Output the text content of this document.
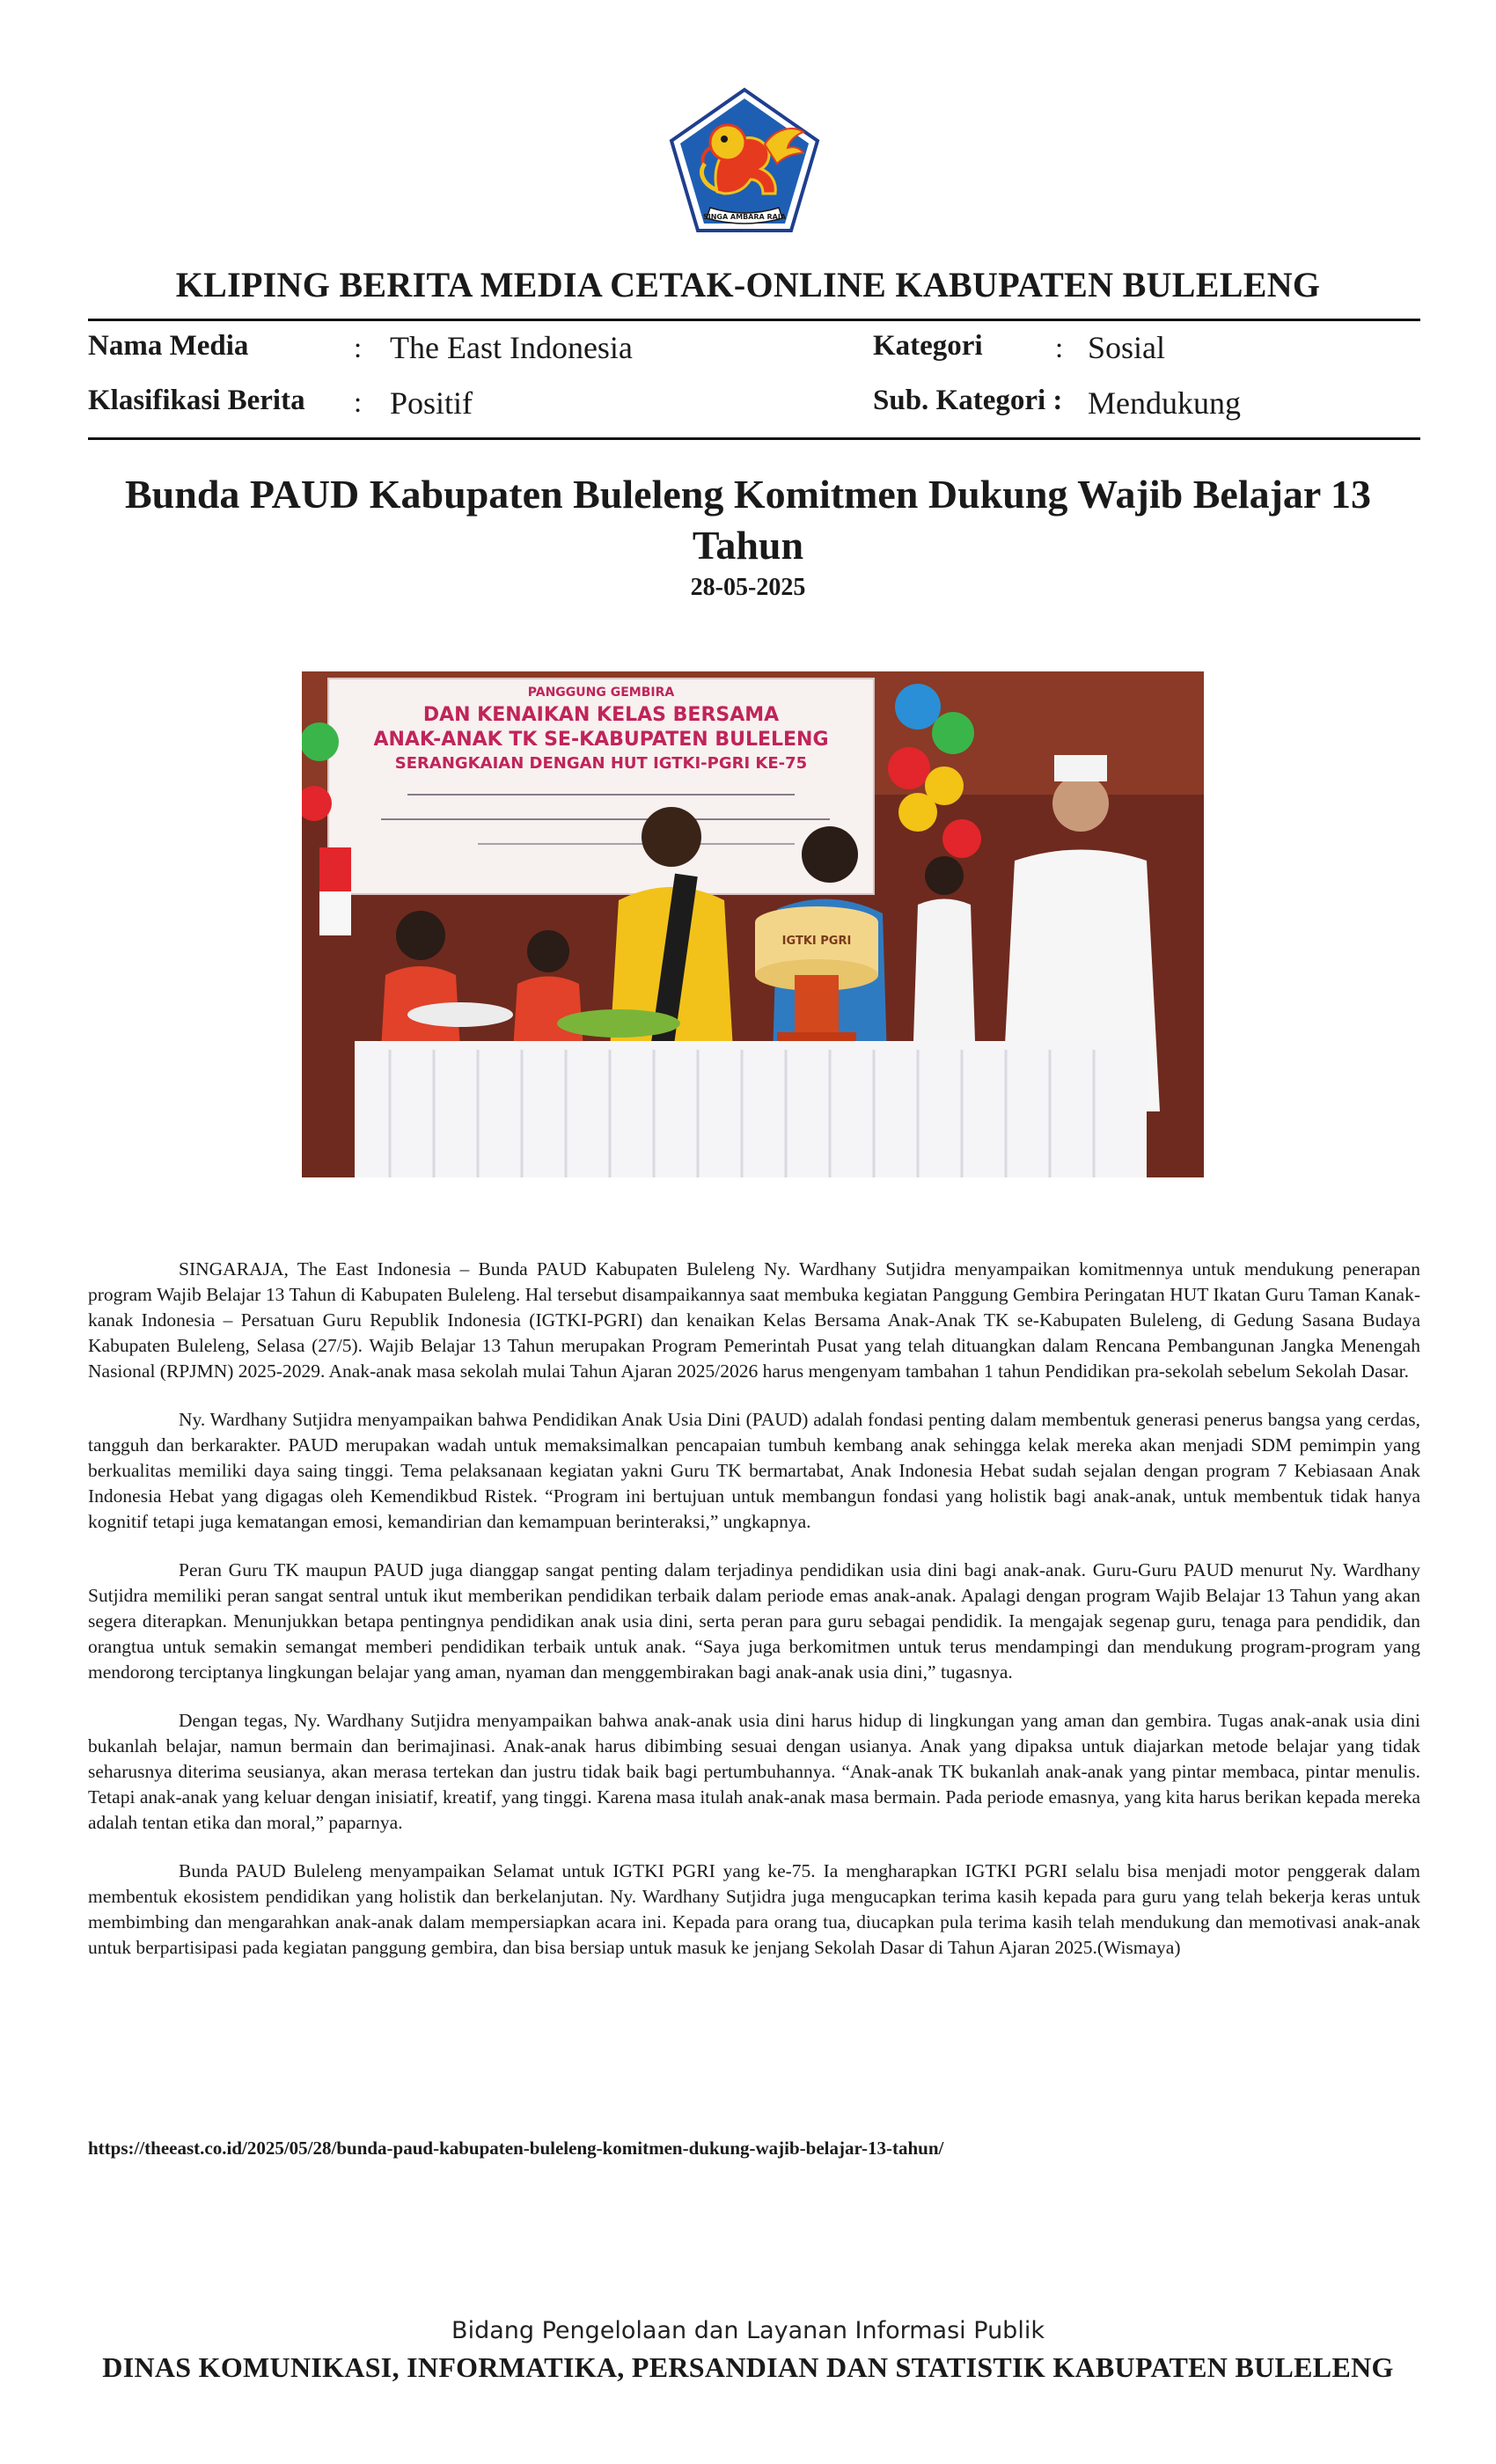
SINGA AMBARA RAJA
KLIPING BERITA MEDIA CETAK-ONLINE KABUPATEN BULELENG
Nama Media	: The East Indonesia
Klasifikasi Berita : Positif
Kategori : Sosial
Sub. Kategori : Mendukung
Bunda PAUD Kabupaten Buleleng Komitmen Dukung Wajib Belajar 13 Tahun
28-05-2025
PANGGUNG GEMBIRA
DAN KENAIKAN KELAS BERSAMA
ANAK-ANAK TK SE-KABUPATEN BULELENG
SERANGKAIAN DENGAN HUT IGTKI-PGRI KE-75
IGTKI PGRI

SINGARAJA, The East Indonesia – Bunda PAUD Kabupaten Buleleng Ny. Wardhany Sutjidra menyampaikan komitmennya untuk mendukung penerapan program Wajib Belajar 13 Tahun di Kabupaten Buleleng. Hal tersebut disampaikannya saat membuka kegiatan Panggung Gembira Peringatan HUT Ikatan Guru Taman Kanak-kanak Indonesia – Persatuan Guru Republik Indonesia (IGTKI-PGRI) dan kenaikan Kelas Bersama Anak-Anak TK se-Kabupaten Buleleng, di Gedung Sasana Budaya Kabupaten Buleleng, Selasa (27/5). Wajib Belajar 13 Tahun merupakan Program Pemerintah Pusat yang telah dituangkan dalam Rencana Pembangunan Jangka Menengah Nasional (RPJMN) 2025-2029. Anak-anak masa sekolah mulai Tahun Ajaran 2025/2026 harus mengenyam tambahan 1 tahun Pendidikan pra-sekolah sebelum Sekolah Dasar.

Ny. Wardhany Sutjidra menyampaikan bahwa Pendidikan Anak Usia Dini (PAUD) adalah fondasi penting dalam membentuk generasi penerus bangsa yang cerdas, tangguh dan berkarakter. PAUD merupakan wadah untuk memaksimalkan pencapaian tumbuh kembang anak sehingga kelak mereka akan menjadi SDM pemimpin yang berkualitas memiliki daya saing tinggi. Tema pelaksanaan kegiatan yakni Guru TK bermartabat, Anak Indonesia Hebat sudah sejalan dengan program 7 Kebiasaan Anak Indonesia Hebat yang digagas oleh Kemendikbud Ristek. “Program ini bertujuan untuk membangun fondasi yang holistik bagi anak-anak, untuk membentuk tidak hanya kognitif tetapi juga kematangan emosi, kemandirian dan kemampuan berinteraksi,” ungkapnya.

Peran Guru TK maupun PAUD juga dianggap sangat penting dalam terjadinya pendidikan usia dini bagi anak-anak. Guru-Guru PAUD menurut Ny. Wardhany Sutjidra memiliki peran sangat sentral untuk ikut memberikan pendidikan terbaik dalam periode emas anak-anak. Apalagi dengan program Wajib Belajar 13 Tahun yang akan segera diterapkan. Menunjukkan betapa pentingnya pendidikan anak usia dini, serta peran para guru sebagai pendidik. Ia mengajak segenap guru, tenaga para pendidik, dan orangtua untuk semakin semangat memberi pendidikan terbaik untuk anak. “Saya juga berkomitmen untuk terus mendampingi dan mendukung program-program yang mendorong terciptanya lingkungan belajar yang aman, nyaman dan menggembirakan bagi anak-anak usia dini,” tugasnya.

Dengan tegas, Ny. Wardhany Sutjidra menyampaikan bahwa anak-anak usia dini harus hidup di lingkungan yang aman dan gembira. Tugas anak-anak usia dini bukanlah belajar, namun bermain dan berimajinasi. Anak-anak harus dibimbing sesuai dengan usianya. Anak yang dipaksa untuk diajarkan metode belajar yang tidak seharusnya diterima seusianya, akan merasa tertekan dan justru tidak baik bagi pertumbuhannya. “Anak-anak TK bukanlah anak-anak yang pintar membaca, pintar menulis. Tetapi anak-anak yang keluar dengan inisiatif, kreatif, yang tinggi. Karena masa itulah anak-anak masa bermain. Pada periode emasnya, yang kita harus berikan kepada mereka adalah tentan etika dan moral,” paparnya.

Bunda PAUD Buleleng menyampaikan Selamat untuk IGTKI PGRI yang ke-75. Ia mengharapkan IGTKI PGRI selalu bisa menjadi motor penggerak dalam membentuk ekosistem pendidikan yang holistik dan berkelanjutan. Ny. Wardhany Sutjidra juga mengucapkan terima kasih kepada para guru yang telah bekerja keras untuk membimbing dan mengarahkan anak-anak dalam mempersiapkan acara ini. Kepada para orang tua, diucapkan pula terima kasih telah mendukung dan memotivasi anak-anak untuk berpartisipasi pada kegiatan panggung gembira, dan bisa bersiap untuk masuk ke jenjang Sekolah Dasar di Tahun Ajaran 2025.(Wismaya)

https://theeast.co.id/2025/05/28/bunda-paud-kabupaten-buleleng-komitmen-dukung-wajib-belajar-13-tahun/
Bidang Pengelolaan dan Layanan Informasi Publik
DINAS KOMUNIKASI, INFORMATIKA, PERSANDIAN DAN STATISTIK KABUPATEN BULELENG
